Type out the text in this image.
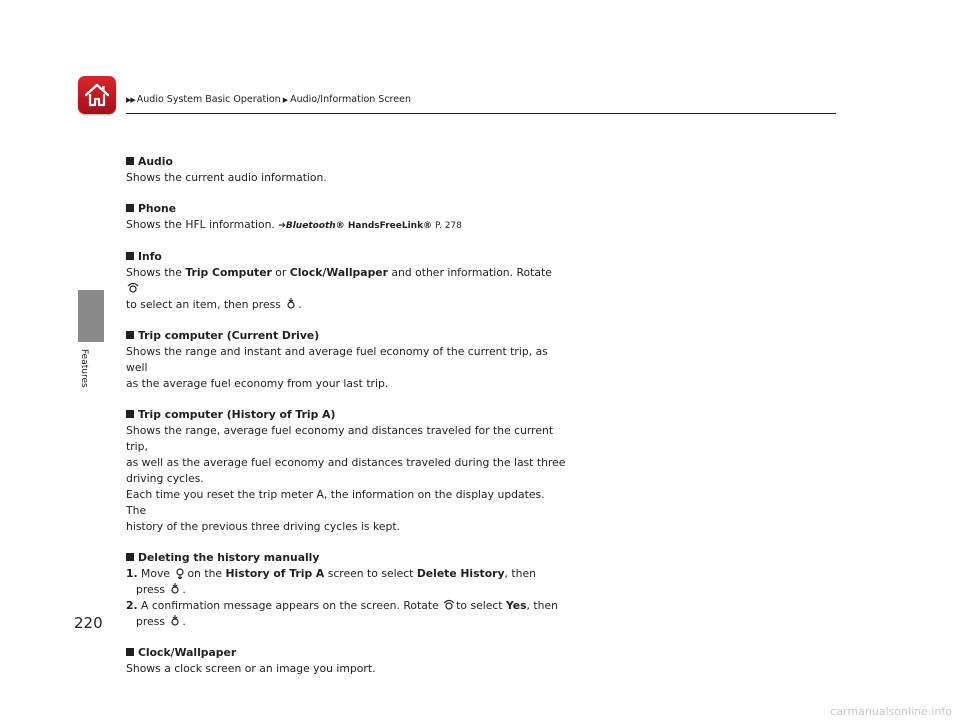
▶▶ Audio System Basic Operation ▶ Audio/Information Screen
Features
Audio

Shows the current audio information.

Phone

Shows the HFL information. ➔Bluetooth® HandsFreeLink® P. 278

Info

Shows the Trip Computer or Clock/Wallpaper and other information. Rotate
to select an item, then press .

Trip computer (Current Drive)

Shows the range and instant and average fuel economy of the current trip, as well
as the average fuel economy from your last trip.

Trip computer (History of Trip A)

Shows the range, average fuel economy and distances traveled for the current trip,
as well as the average fuel economy and distances traveled during the last three
driving cycles.
Each time you reset the trip meter A, the information on the display updates. The
history of the previous three driving cycles is kept.

Deleting the history manually

1. Move on the History of Trip A screen to select Delete History, then press .

2. A confirmation message appears on the screen. Rotate to select Yes, then
press .

Clock/Wallpaper

Shows a clock screen or an image you import.

220
carmanualsonline.info
